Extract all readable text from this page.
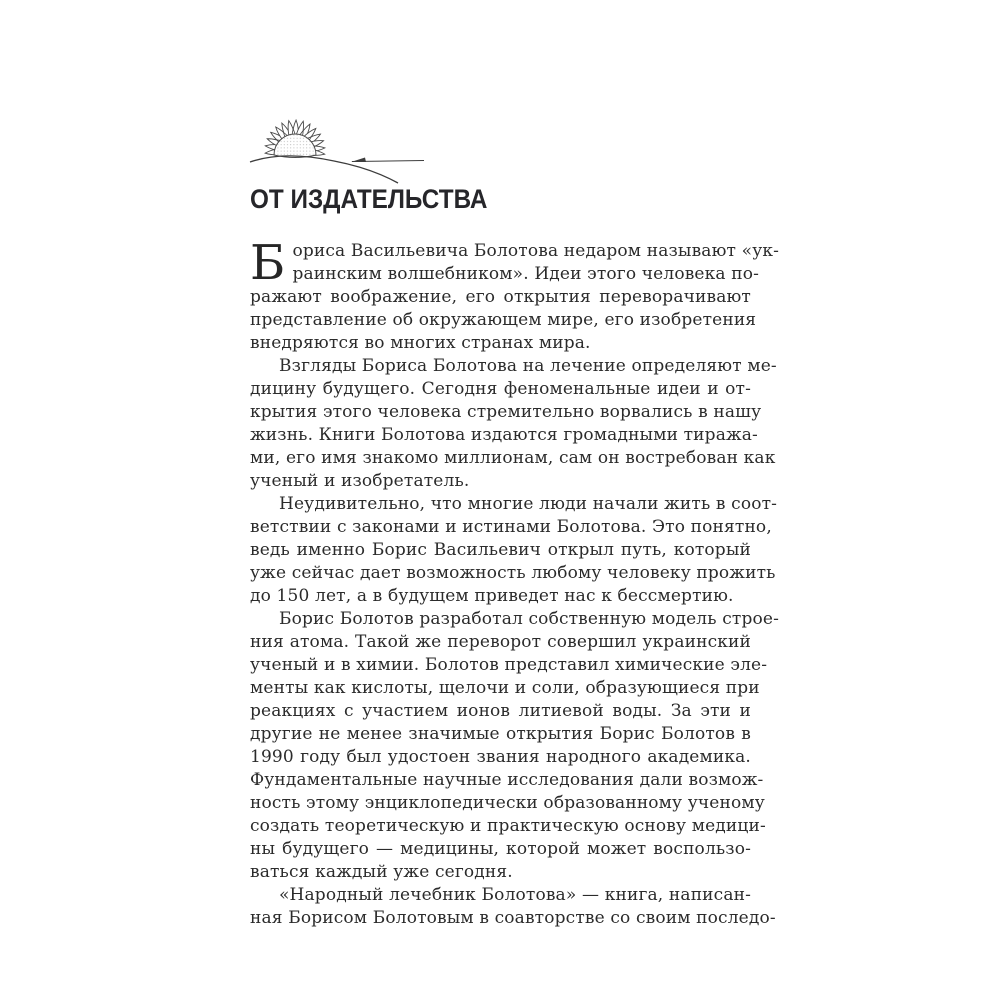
ОТ ИЗДАТЕЛЬСТВА
Б ориса Васильевича Болотова недаром называют «ук-
раинским волшебником». Идеи этого человека по-
ражают воображение, его открытия переворачивают
представление об окружающем мире, его изобретения
внедряются во многих странах мира.
Взгляды Бориса Болотова на лечение определяют ме-
дицину будущего. Сегодня феноменальные идеи и от-
крытия этого человека стремительно ворвались в нашу
жизнь. Книги Болотова издаются громадными тиража-
ми, его имя знакомо миллионам, сам он востребован как
ученый и изобретатель.
Неудивительно, что многие люди начали жить в соот-
ветствии с законами и истинами Болотова. Это понятно,
ведь именно Борис Васильевич открыл путь, который
уже сейчас дает возможность любому человеку прожить
до 150 лет, а в будущем приведет нас к бессмертию.
Борис Болотов разработал собственную модель строе-
ния атома. Такой же переворот совершил украинский
ученый и в химии. Болотов представил химические эле-
менты как кислоты, щелочи и соли, образующиеся при
реакциях с участием ионов литиевой воды. За эти и
другие не менее значимые открытия Борис Болотов в
1990 году был удостоен звания народного академика.
Фундаментальные научные исследования дали возмож-
ность этому энциклопедически образованному ученому
создать теоретическую и практическую основу медици-
ны будущего — медицины, которой может воспользо-
ваться каждый уже сегодня.
«Народный лечебник Болотова» — книга, написан-
ная Борисом Болотовым в соавторстве со своим последо-
